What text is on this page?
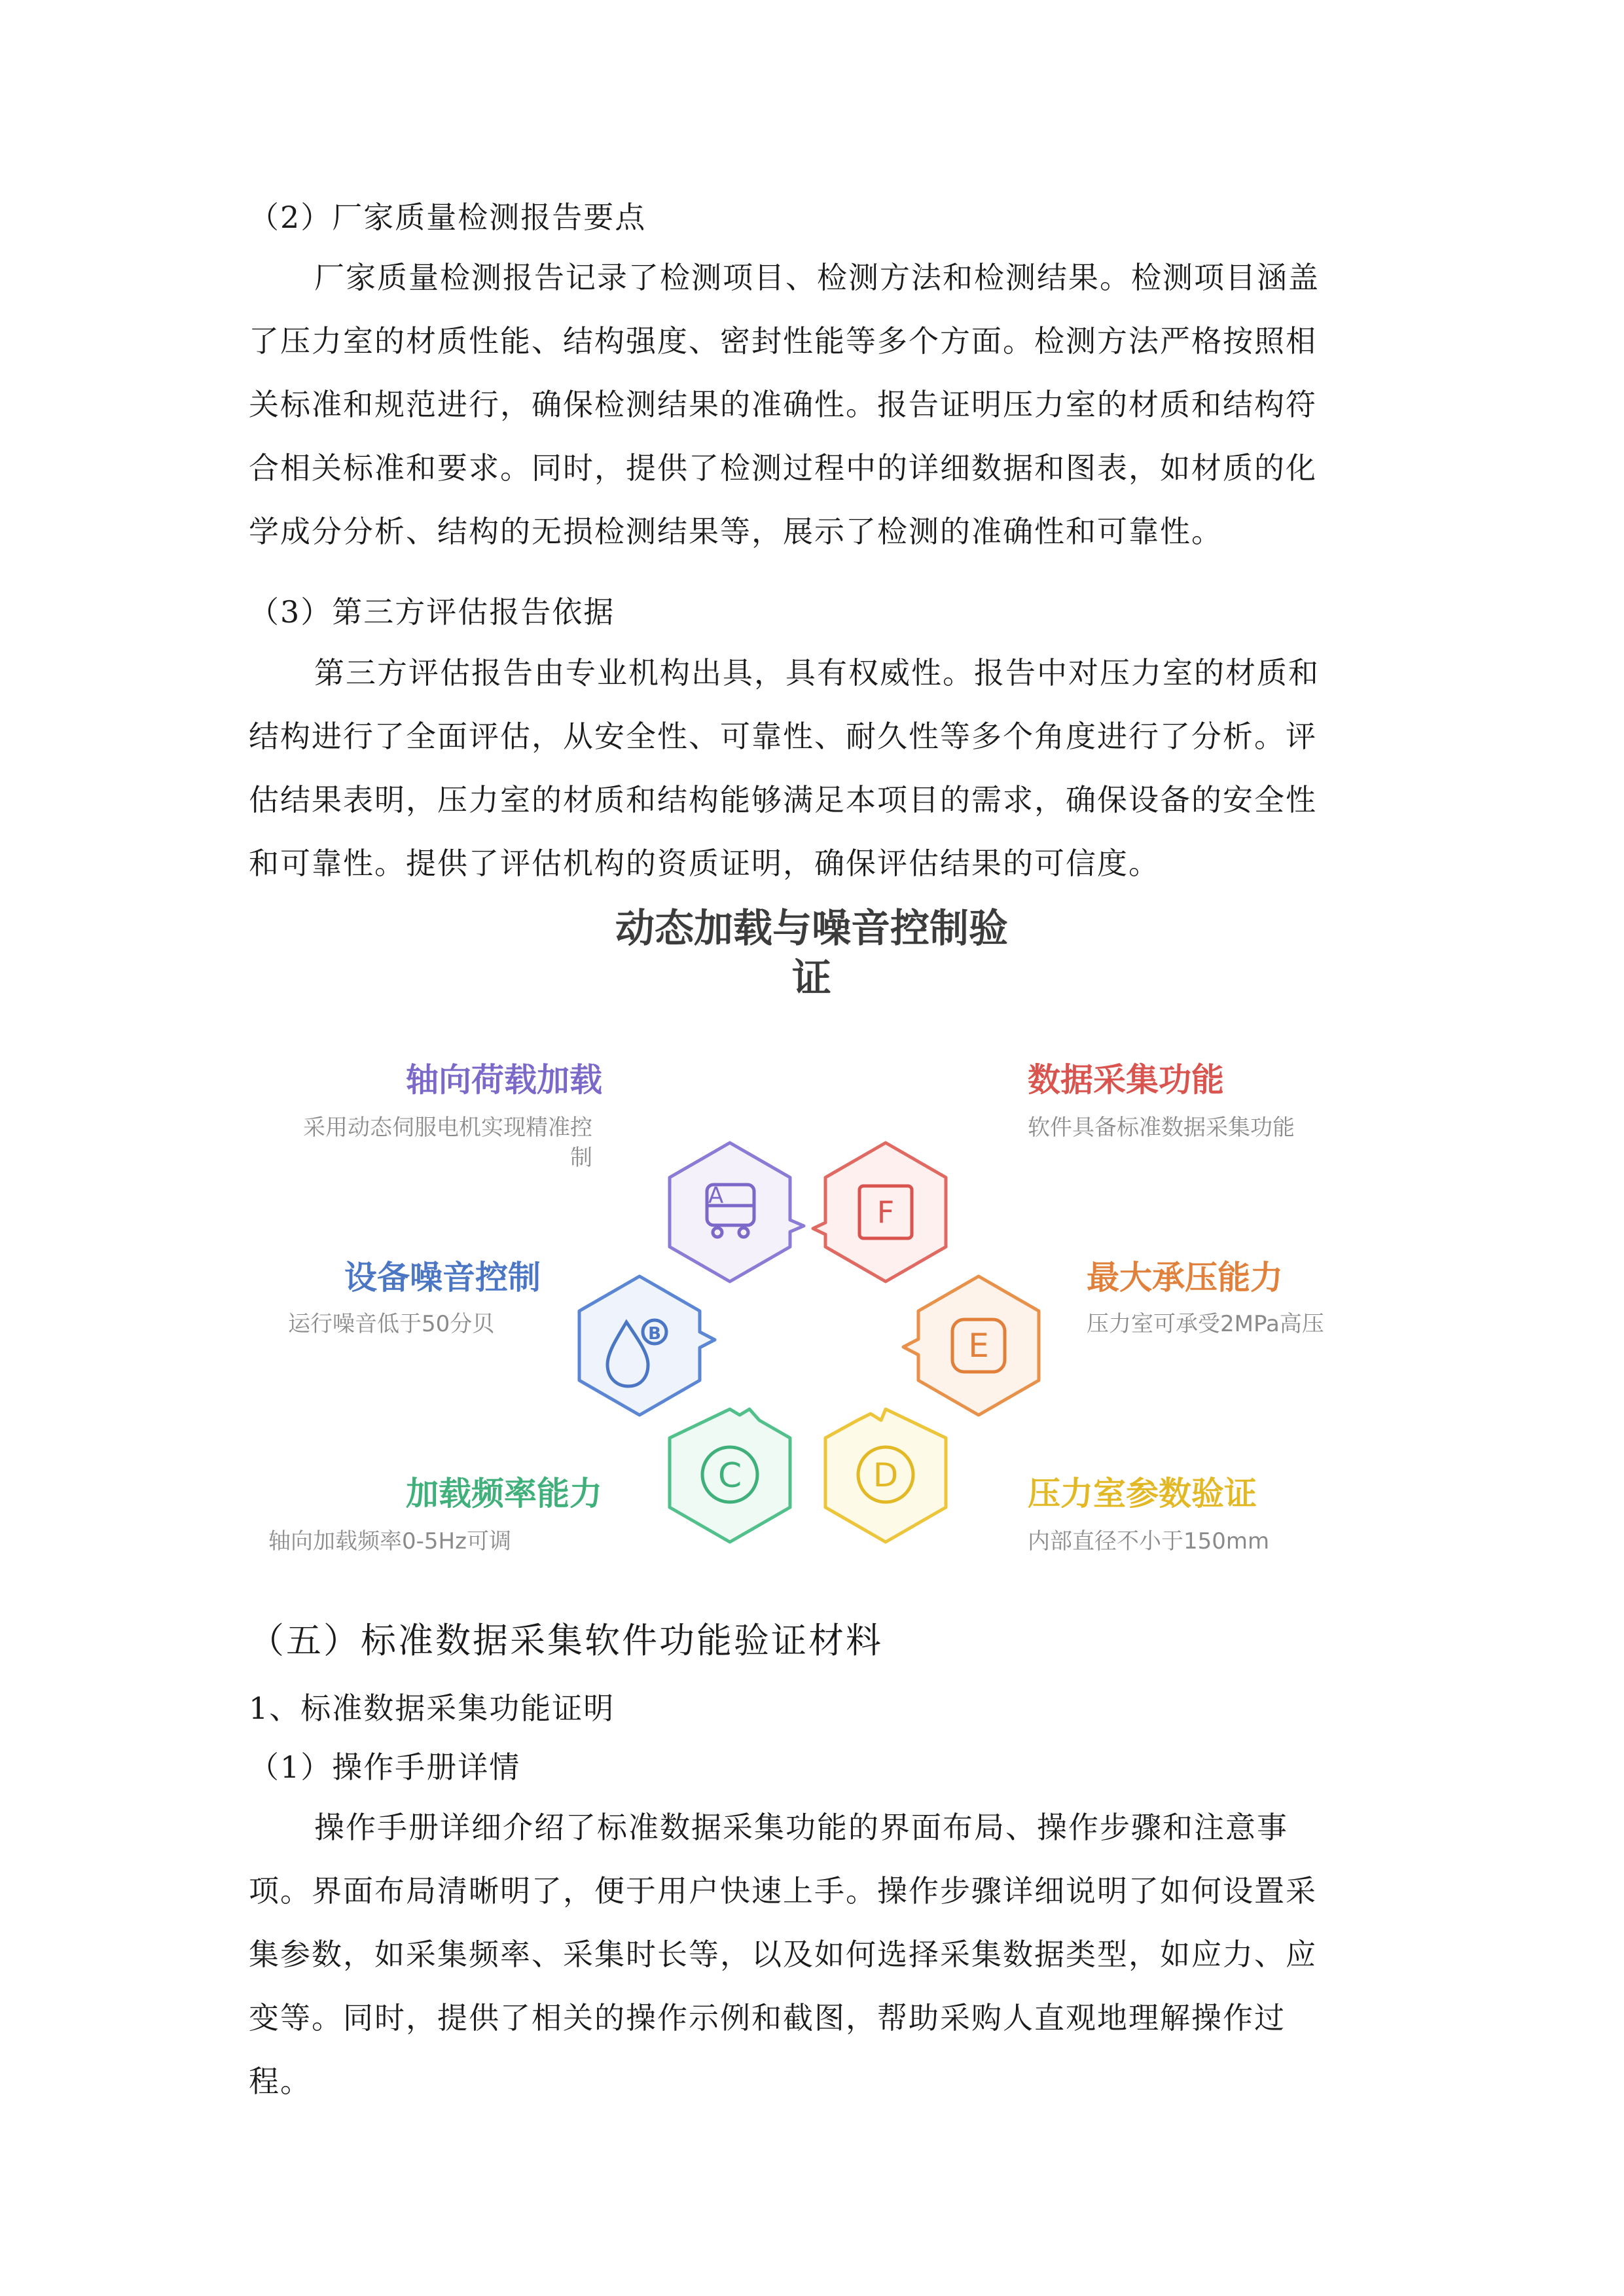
（2）厂家质量检测报告要点

厂家质量检测报告记录了检测项目、检测方法和检测结果。检测项目涵盖

了压力室的材质性能、结构强度、密封性能等多个方面。检测方法严格按照相

关标准和规范进行，确保检测结果的准确性。报告证明压力室的材质和结构符

合相关标准和要求。同时，提供了检测过程中的详细数据和图表，如材质的化

学成分分析、结构的无损检测结果等，展示了检测的准确性和可靠性。

（3）第三方评估报告依据

第三方评估报告由专业机构出具，具有权威性。报告中对压力室的材质和

结构进行了全面评估，从安全性、可靠性、耐久性等多个角度进行了分析。评

估结果表明，压力室的材质和结构能够满足本项目的需求，确保设备的安全性

和可靠性。提供了评估机构的资质证明，确保评估结果的可信度。

动态加载与噪音控制验
证
A	F
B	E
C	D
轴向荷载加载
采用动态伺服电机实现精准控
制
数据采集功能
软件具备标准数据采集功能
设备噪音控制
运行噪音低于50分贝
最大承压能力
压力室可承受2MPa高压
加载频率能力
轴向加载频率0-5Hz可调
压力室参数验证
内部直径不小于150mm

（五）标准数据采集软件功能验证材料

1、标准数据采集功能证明

（1）操作手册详情

操作手册详细介绍了标准数据采集功能的界面布局、操作步骤和注意事

项。界面布局清晰明了，便于用户快速上手。操作步骤详细说明了如何设置采

集参数，如采集频率、采集时长等，以及如何选择采集数据类型，如应力、应

变等。同时，提供了相关的操作示例和截图，帮助采购人直观地理解操作过

程。
